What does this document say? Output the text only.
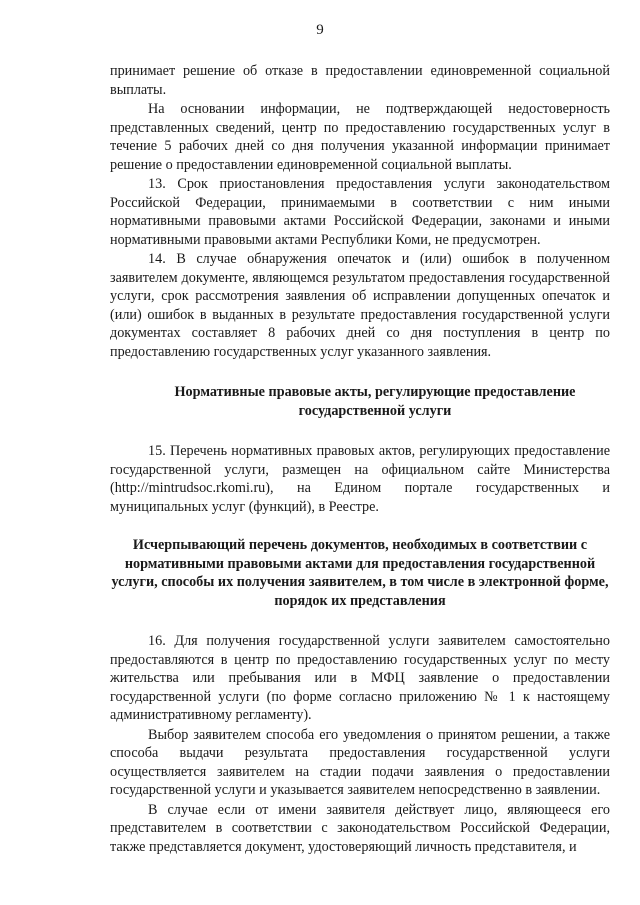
9

принимает решение об отказе в предоставлении единовременной социальной выплаты.

На основании информации, не подтверждающей недостоверность представленных сведений, центр по предоставлению государственных услуг в течение 5 рабочих дней со дня получения указанной информации принимает решение о предоставлении единовременной социальной выплаты.

13. Срок приостановления предоставления услуги законодательством Российской Федерации, принимаемыми в соответствии с ним иными нормативными правовыми актами Российской Федерации, законами и иными нормативными правовыми актами Республики Коми, не предусмотрен.

14. В случае обнаружения опечаток и (или) ошибок в полученном заявителем документе, являющемся результатом предоставления государственной услуги, срок рассмотрения заявления об исправлении допущенных опечаток и (или) ошибок в выданных в результате предоставления государственной услуги документах составляет 8 рабочих дней со дня поступления в центр по предоставлению государственных услуг указанного заявления.

Нормативные правовые акты, регулирующие предоставление государственной услуги

15. Перечень нормативных правовых актов, регулирующих предоставление государственной услуги, размещен на официальном сайте Министерства (http://mintrudsoc.rkomi.ru), на Едином портале государственных и муниципальных услуг (функций), в Реестре.

Исчерпывающий перечень документов, необходимых в соответствии с нормативными правовыми актами для предоставления государственной услуги, способы их получения заявителем, в том числе в электронной форме, порядок их представления

16. Для получения государственной услуги заявителем самостоятельно предоставляются в центр по предоставлению государственных услуг по месту жительства или пребывания или в МФЦ заявление о предоставлении государственной услуги (по форме согласно приложению № 1 к настоящему административному регламенту).

Выбор заявителем способа его уведомления о принятом решении, а также способа выдачи результата предоставления государственной услуги осуществляется заявителем на стадии подачи заявления о предоставлении государственной услуги и указывается заявителем непосредственно в заявлении.

В случае если от имени заявителя действует лицо, являющееся его представителем в соответствии с законодательством Российской Федерации, также представляется документ, удостоверяющий личность представителя, и
